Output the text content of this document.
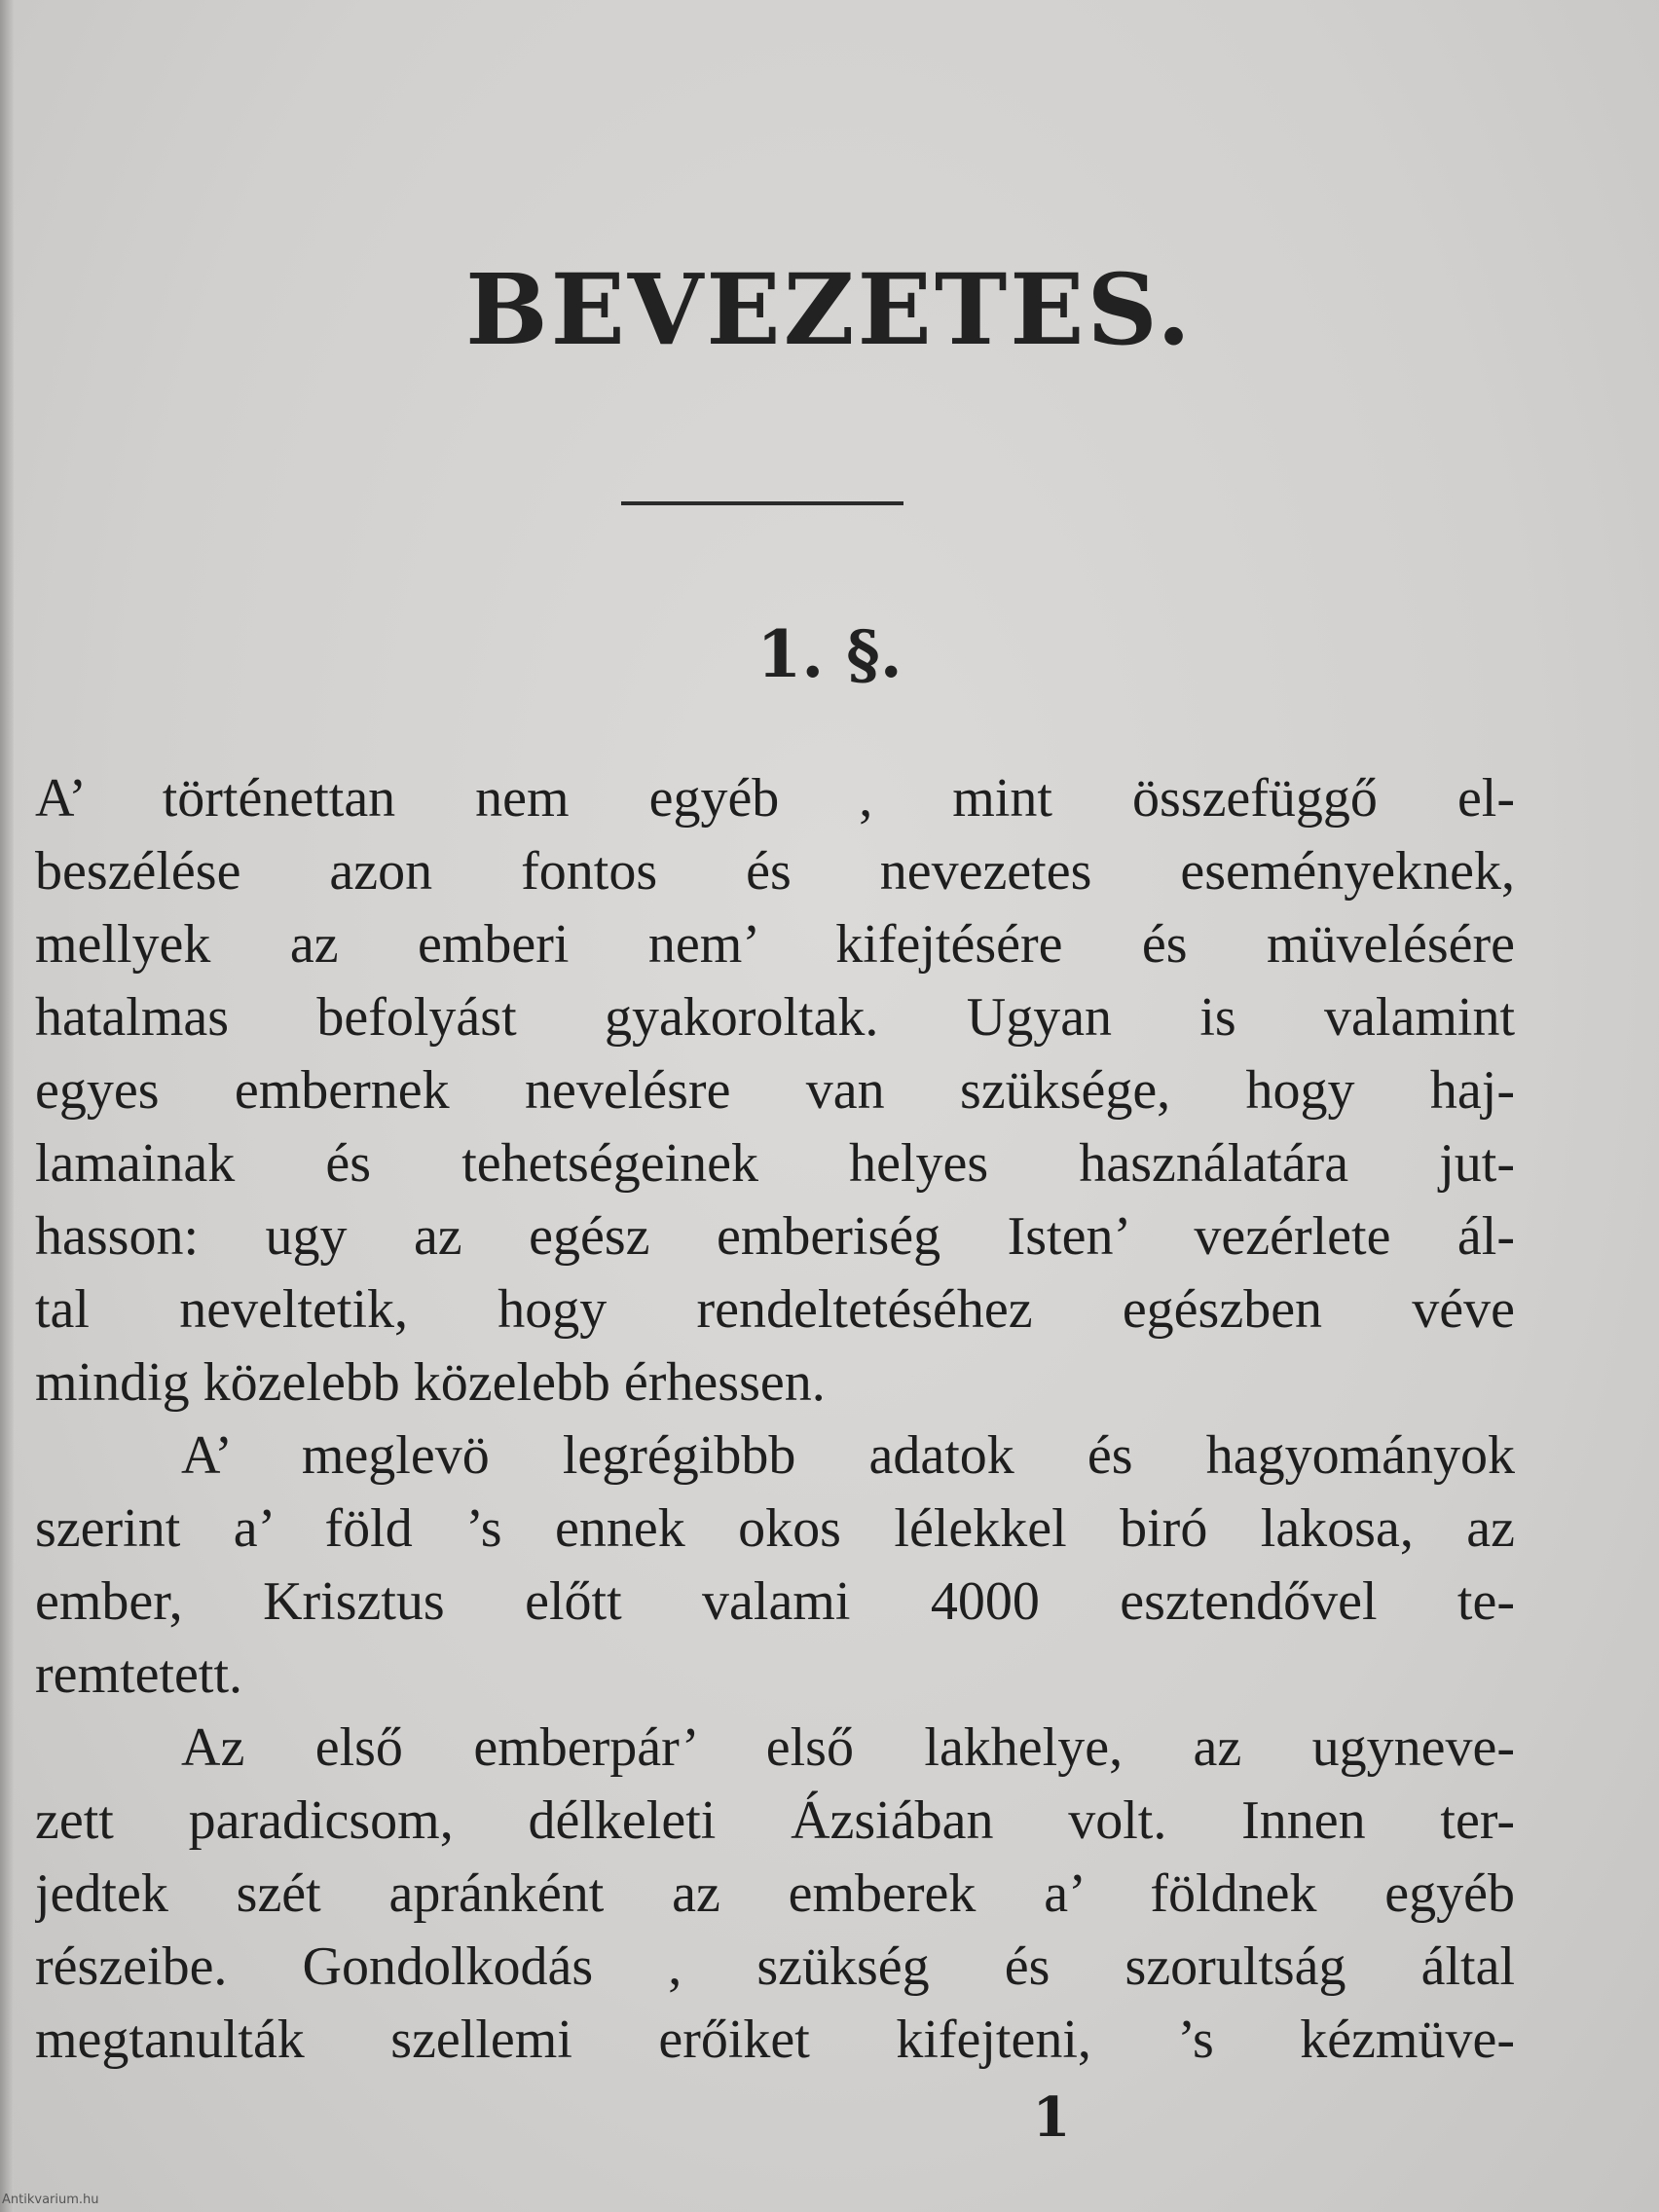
BEVEZETES.
1. §.
A’ történettan nem egyéb , mint összefüggő el-
beszélése azon fontos és nevezetes eseményeknek,
mellyek az emberi nem’ kifejtésére és müvelésére
hatalmas befolyást gyakoroltak. Ugyan is valamint
egyes embernek nevelésre van szüksége, hogy haj-
lamainak és tehetségeinek helyes használatára jut-
hasson: ugy az egész emberiség Isten’ vezérlete ál-
tal neveltetik, hogy rendeltetéséhez egészben véve
mindig közelebb közelebb érhessen.
A’ meglevö legrégibbb adatok és hagyományok
szerint a’ föld ’s ennek okos lélekkel biró lakosa, az
ember, Krisztus előtt valami 4000 esztendővel te-
remtetett.
Az első emberpár’ első lakhelye, az ugyneve-
zett paradicsom, délkeleti Ázsiában volt. Innen ter-
jedtek szét apránként az emberek a’ földnek egyéb
részeibe. Gondolkodás , szükség és szorultság által
megtanulták szellemi erőiket kifejteni, ’s kézmüve-
1
Antikvarium.hu
